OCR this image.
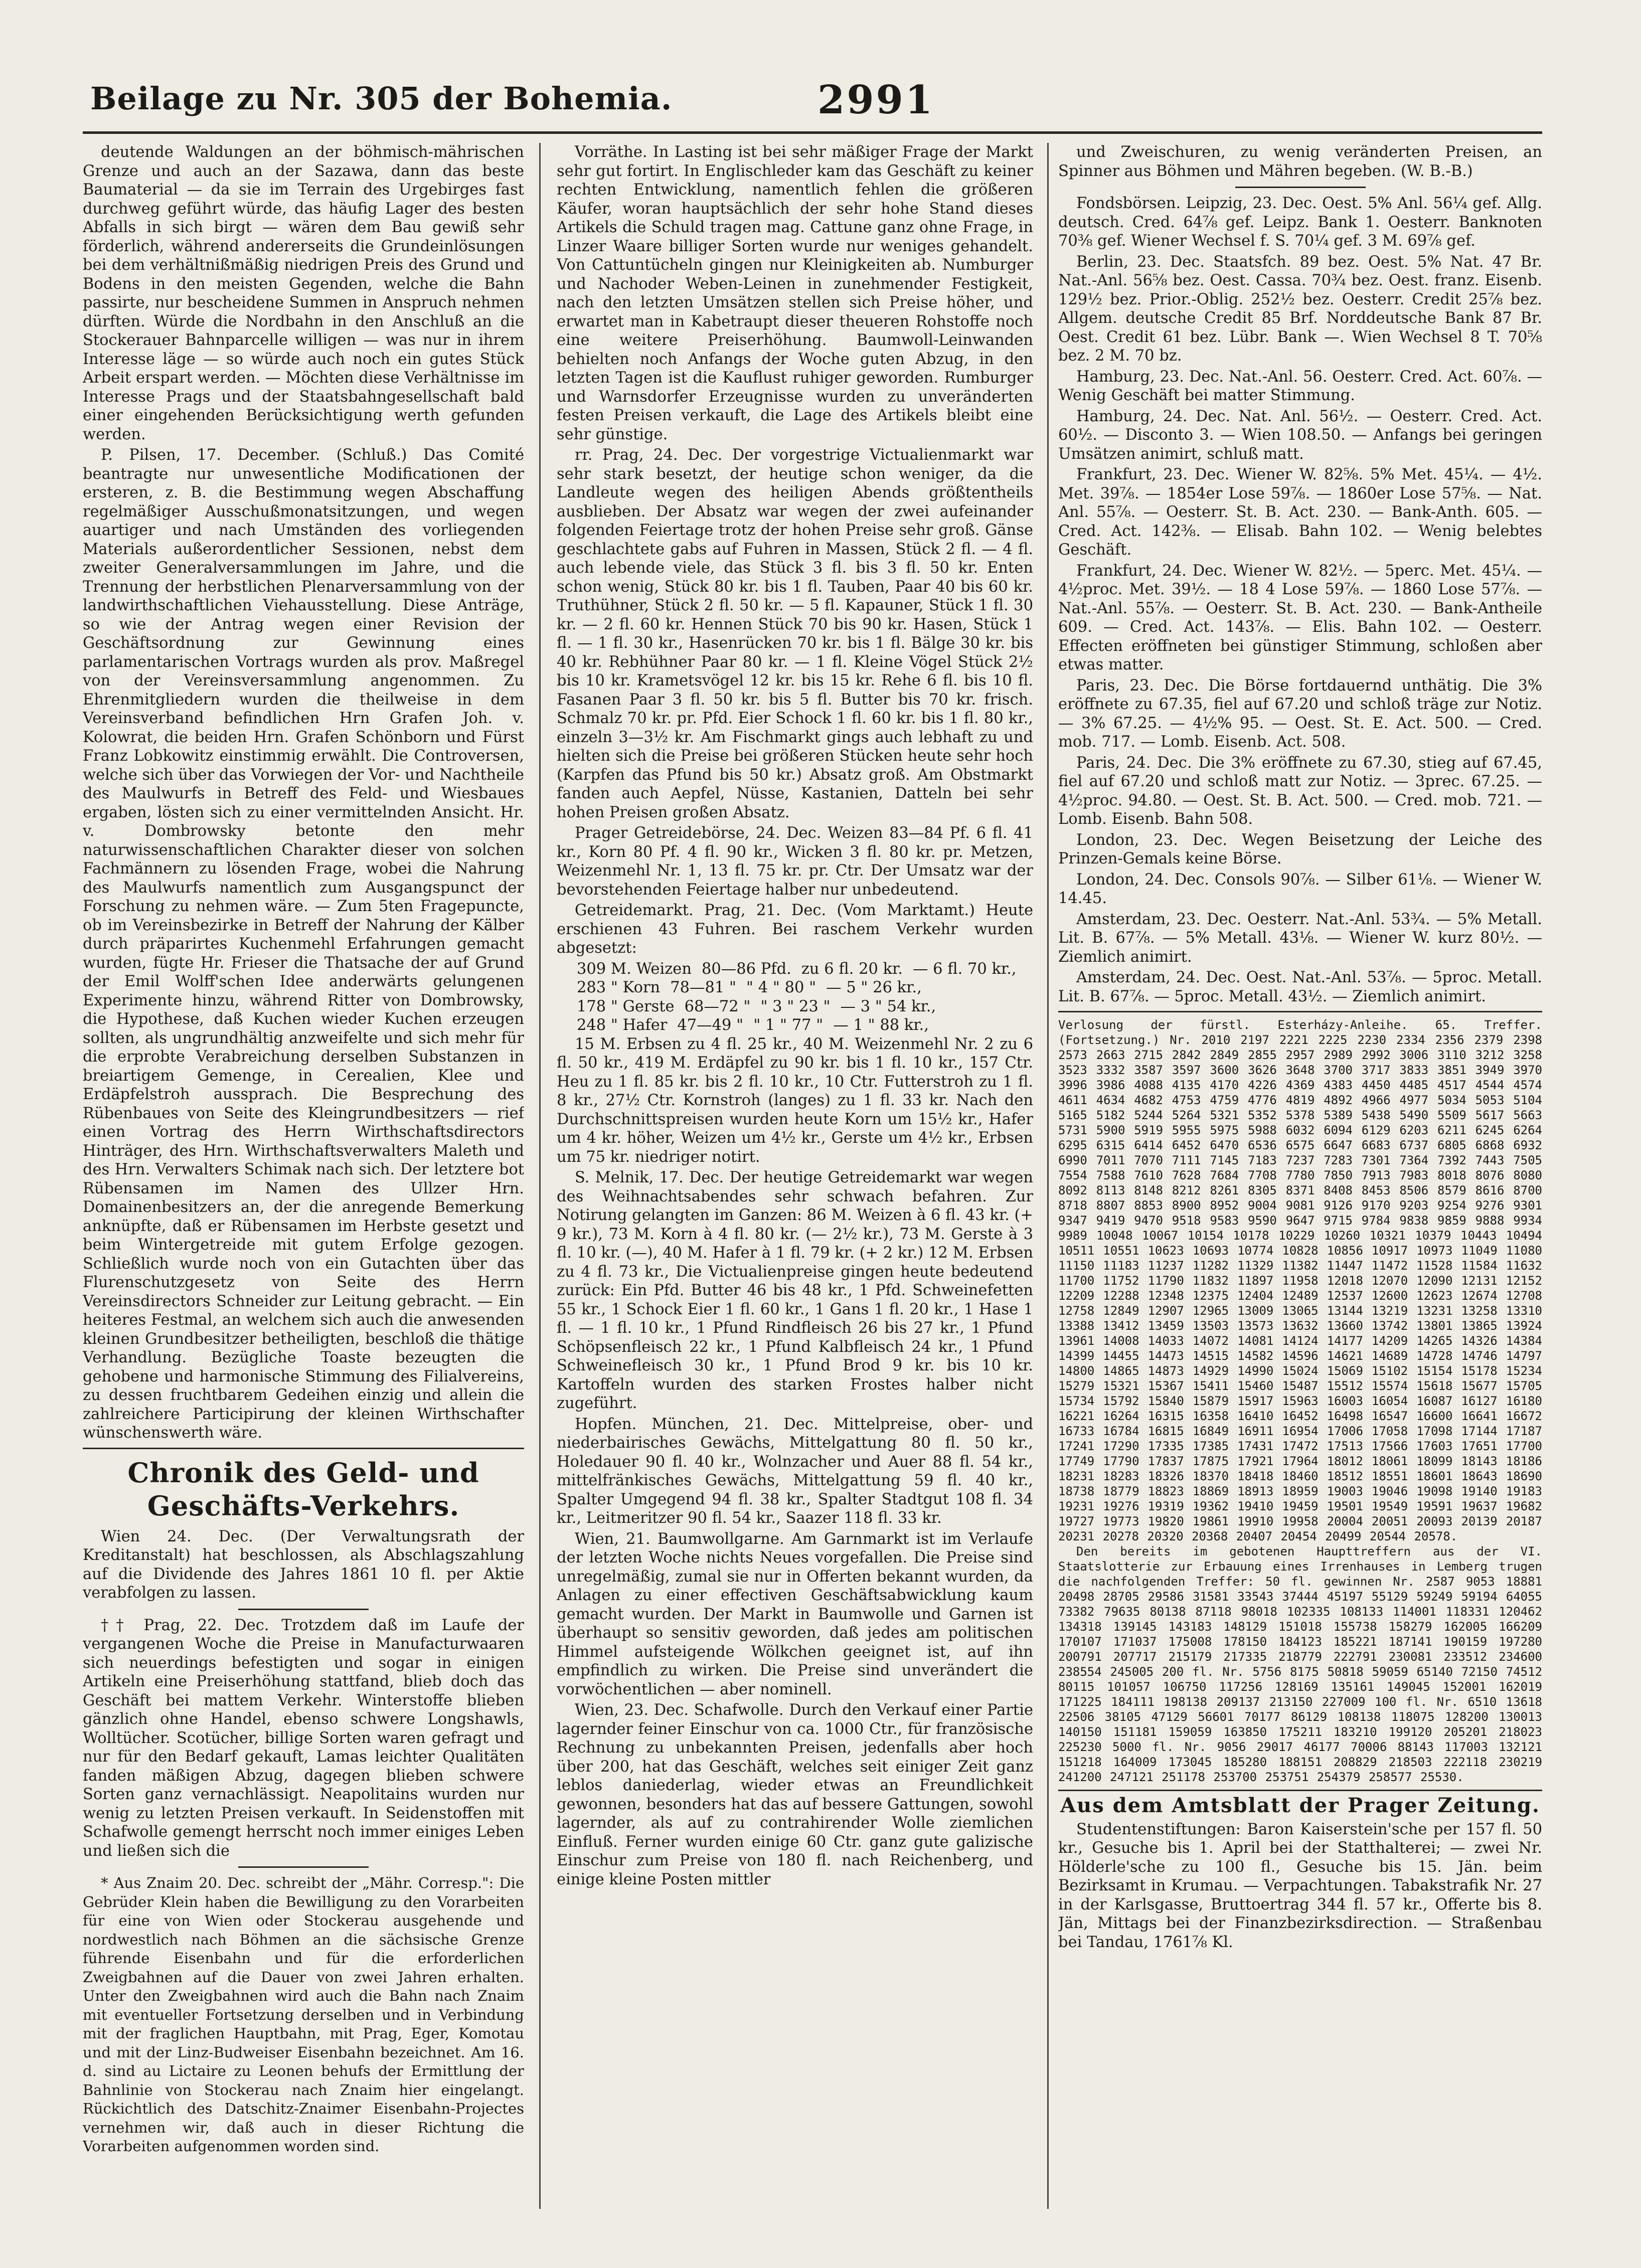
Beilage zu Nr. 305 der Bohemia.	2991

deutende Waldungen an der böhmisch-mährischen Grenze und auch an der Sazawa, dann das beste Baumaterial — da sie im Terrain des Urgebirges fast durchweg geführt würde, das häufig Lager des besten Abfalls in sich birgt — wären dem Bau gewiß sehr förderlich, während andererseits die Grundeinlösungen bei dem verhältnißmäßig niedrigen Preis des Grund und Bodens in den meisten Gegenden, welche die Bahn passirte, nur bescheidene Summen in Anspruch nehmen dürften. Würde die Nordbahn in den Anschluß an die Stockerauer Bahnparcelle willigen — was nur in ihrem Interesse läge — so würde auch noch ein gutes Stück Arbeit erspart werden. — Möchten diese Verhältnisse im Interesse Prags und der Staatsbahngesellschaft bald einer eingehenden Berücksichtigung werth gefunden werden.

P. Pilsen, 17. December. (Schluß.) Das Comité beantragte nur unwesentliche Modificationen der ersteren, z. B. die Bestimmung wegen Abschaffung regelmäßiger Ausschußmonatsitzungen, und wegen auartiger und nach Umständen des vorliegenden Materials außerordentlicher Sessionen, nebst dem zweiter Generalversammlungen im Jahre, und die Trennung der herbstlichen Plenarversammlung von der landwirthschaftlichen Viehausstellung. Diese Anträge, so wie der Antrag wegen einer Revision der Geschäftsordnung zur Gewinnung eines parlamentarischen Vortrags wurden als prov. Maßregel von der Vereinsversammlung angenommen. Zu Ehrenmitgliedern wurden die theilweise in dem Vereinsverband befindlichen Hrn Grafen Joh. v. Kolowrat, die beiden Hrn. Grafen Schönborn und Fürst Franz Lobkowitz einstimmig erwählt. Die Controversen, welche sich über das Vorwiegen der Vor- und Nachtheile des Maulwurfs in Betreff des Feld- und Wiesbaues ergaben, lösten sich zu einer vermittelnden Ansicht. Hr. v. Dombrowsky betonte den mehr naturwissenschaftlichen Charakter dieser von solchen Fachmännern zu lösenden Frage, wobei die Nahrung des Maulwurfs namentlich zum Ausgangspunct der Forschung zu nehmen wäre. — Zum 5ten Fragepuncte, ob im Vereinsbezirke in Betreff der Nahrung der Kälber durch präparirtes Kuchenmehl Erfahrungen gemacht wurden, fügte Hr. Frieser die Thatsache der auf Grund der Emil Wolff'schen Idee anderwärts gelungenen Experimente hinzu, während Ritter von Dombrowsky, die Hypothese, daß Kuchen wieder Kuchen erzeugen sollten, als ungrundhältig anzweifelte und sich mehr für die erprobte Verabreichung derselben Substanzen in breiartigem Gemenge, in Cerealien, Klee und Erdäpfelstroh aussprach. Die Besprechung des Rübenbaues von Seite des Kleingrundbesitzers — rief einen Vortrag des Herrn Wirthschaftsdirectors Hinträger, des Hrn. Wirthschaftsverwalters Maleth und des Hrn. Verwalters Schimak nach sich. Der letztere bot Rübensamen im Namen des Ullzer Hrn. Domainenbesitzers an, der die anregende Bemerkung anknüpfte, daß er Rübensamen im Herbste gesetzt und beim Wintergetreide mit gutem Erfolge gezogen. Schließlich wurde noch von ein Gutachten über das Flurenschutzgesetz von Seite des Herrn Vereinsdirectors Schneider zur Leitung gebracht. — Ein heiteres Festmal, an welchem sich auch die anwesenden kleinen Grundbesitzer betheiligten, beschloß die thätige Verhandlung. Bezügliche Toaste bezeugten die gehobene und harmonische Stimmung des Filialvereins, zu dessen fruchtbarem Gedeihen einzig und allein die zahlreichere Participirung der kleinen Wirthschafter wünschenswerth wäre.

Chronik des Geld- und Geschäfts-Verkehrs.

Wien 24. Dec. (Der Verwaltungsrath der Kreditanstalt) hat beschlossen, als Abschlagszahlung auf die Dividende des Jahres 1861 10 fl. per Aktie verabfolgen zu lassen.

†† Prag, 22. Dec. Trotzdem daß im Laufe der vergangenen Woche die Preise in Manufacturwaaren sich neuerdings befestigten und sogar in einigen Artikeln eine Preiserhöhung stattfand, blieb doch das Geschäft bei mattem Verkehr. Winterstoffe blieben gänzlich ohne Handel, ebenso schwere Longshawls, Wolltücher. Scotücher, billige Sorten waren gefragt und nur für den Bedarf gekauft, Lamas leichter Qualitäten fanden mäßigen Abzug, dagegen blieben schwere Sorten ganz vernachlässigt. Neapolitains wurden nur wenig zu letzten Preisen verkauft. In Seidenstoffen mit Schafwolle gemengt herrscht noch immer einiges Leben und ließen sich die

* Aus Znaim 20. Dec. schreibt der „Mähr. Corresp.": Die Gebrüder Klein haben die Bewilligung zu den Vorarbeiten für eine von Wien oder Stockerau ausgehende und nordwestlich nach Böhmen an die sächsische Grenze führende Eisenbahn und für die erforderlichen Zweigbahnen auf die Dauer von zwei Jahren erhalten. Unter den Zweigbahnen wird auch die Bahn nach Znaim mit eventueller Fortsetzung derselben und in Verbindung mit der fraglichen Hauptbahn, mit Prag, Eger, Komotau und mit der Linz-Budweiser Eisenbahn bezeichnet. Am 16. d. sind au Lictaire zu Leonen behufs der Ermittlung der Bahnlinie von Stockerau nach Znaim hier eingelangt. Rückichtlich des Datschitz-Znaimer Eisenbahn-Projectes vernehmen wir, daß auch in dieser Richtung die Vorarbeiten aufgenommen worden sind.

Vorräthe. In Lasting ist bei sehr mäßiger Frage der Markt sehr gut fortirt. In Englischleder kam das Geschäft zu keiner rechten Entwicklung, namentlich fehlen die größeren Käufer, woran hauptsächlich der sehr hohe Stand dieses Artikels die Schuld tragen mag. Cattune ganz ohne Frage, in Linzer Waare billiger Sorten wurde nur weniges gehandelt. Von Cattuntücheln gingen nur Kleinigkeiten ab. Numburger und Nachoder Weben-Leinen in zunehmender Festigkeit, nach den letzten Umsätzen stellen sich Preise höher, und erwartet man in Kabetraupt dieser theueren Rohstoffe noch eine weitere Preiserhöhung. Baumwoll-Leinwanden behielten noch Anfangs der Woche guten Abzug, in den letzten Tagen ist die Kauflust ruhiger geworden. Rumburger und Warnsdorfer Erzeugnisse wurden zu unveränderten festen Preisen verkauft, die Lage des Artikels bleibt eine sehr günstige.

rr. Prag, 24. Dec. Der vorgestrige Victualienmarkt war sehr stark besetzt, der heutige schon weniger, da die Landleute wegen des heiligen Abends größtentheils ausblieben. Der Absatz war wegen der zwei aufeinander folgenden Feiertage trotz der hohen Preise sehr groß. Gänse geschlachtete gabs auf Fuhren in Massen, Stück 2 fl. — 4 fl. auch lebende viele, das Stück 3 fl. bis 3 fl. 50 kr. Enten schon wenig, Stück 80 kr. bis 1 fl. Tauben, Paar 40 bis 60 kr. Truthühner, Stück 2 fl. 50 kr. — 5 fl. Kapauner, Stück 1 fl. 30 kr. — 2 fl. 60 kr. Hennen Stück 70 bis 90 kr. Hasen, Stück 1 fl. — 1 fl. 30 kr., Hasenrücken 70 kr. bis 1 fl. Bälge 30 kr. bis 40 kr. Rebhühner Paar 80 kr. — 1 fl. Kleine Vögel Stück 2½ bis 10 kr. Krametsvögel 12 kr. bis 15 kr. Rehe 6 fl. bis 10 fl. Fasanen Paar 3 fl. 50 kr. bis 5 fl. Butter bis 70 kr. frisch. Schmalz 70 kr. pr. Pfd. Eier Schock 1 fl. 60 kr. bis 1 fl. 80 kr., einzeln 3—3½ kr. Am Fischmarkt gings auch lebhaft zu und hielten sich die Preise bei größeren Stücken heute sehr hoch (Karpfen das Pfund bis 50 kr.) Absatz groß. Am Obstmarkt fanden auch Aepfel, Nüsse, Kastanien, Datteln bei sehr hohen Preisen großen Absatz.

Prager Getreidebörse, 24. Dec. Weizen 83—84 Pf. 6 fl. 41 kr., Korn 80 Pf. 4 fl. 90 kr., Wicken 3 fl. 80 kr. pr. Metzen, Weizenmehl Nr. 1, 13 fl. 75 kr. pr. Ctr. Der Umsatz war der bevorstehenden Feiertage halber nur unbedeutend.

Getreidemarkt. Prag, 21. Dec. (Vom Marktamt.) Heute erschienen 43 Fuhren. Bei raschem Verkehr wurden abgesetzt:

309 M. Weizen 80—86 Pfd. zu 6 fl. 20 kr. — 6 fl. 70 kr.,
283 " Korn 78—81 " " 4 " 80 " — 5 " 26 kr.,
178 " Gerste 68—72 " " 3 " 23 " — 3 " 54 kr.,
248 " Hafer 47—49 " " 1 " 77 " — 1 " 88 kr.,

15 M. Erbsen zu 4 fl. 25 kr., 40 M. Weizenmehl Nr. 2 zu 6 fl. 50 kr., 419 M. Erdäpfel zu 90 kr. bis 1 fl. 10 kr., 157 Ctr. Heu zu 1 fl. 85 kr. bis 2 fl. 10 kr., 10 Ctr. Futterstroh zu 1 fl. 8 kr., 27½ Ctr. Kornstroh (langes) zu 1 fl. 33 kr. Nach den Durchschnittspreisen wurden heute Korn um 15½ kr., Hafer um 4 kr. höher, Weizen um 4½ kr., Gerste um 4½ kr., Erbsen um 75 kr. niedriger notirt.

S. Melnik, 17. Dec. Der heutige Getreidemarkt war wegen des Weihnachtsabendes sehr schwach befahren. Zur Notirung gelangten im Ganzen: 86 M. Weizen à 6 fl. 43 kr. (+ 9 kr.), 73 M. Korn à 4 fl. 80 kr. (— 2½ kr.), 73 M. Gerste à 3 fl. 10 kr. (—), 40 M. Hafer à 1 fl. 79 kr. (+ 2 kr.) 12 M. Erbsen zu 4 fl. 73 kr., Die Victualienpreise gingen heute bedeutend zurück: Ein Pfd. Butter 46 bis 48 kr., 1 Pfd. Schweinefetten 55 kr., 1 Schock Eier 1 fl. 60 kr., 1 Gans 1 fl. 20 kr., 1 Hase 1 fl. — 1 fl. 10 kr., 1 Pfund Rindfleisch 26 bis 27 kr., 1 Pfund Schöpsenfleisch 22 kr., 1 Pfund Kalbfleisch 24 kr., 1 Pfund Schweinefleisch 30 kr., 1 Pfund Brod 9 kr. bis 10 kr. Kartoffeln wurden des starken Frostes halber nicht zugeführt.

Hopfen. München, 21. Dec. Mittelpreise, ober- und niederbairisches Gewächs, Mittelgattung 80 fl. 50 kr., Holedauer 90 fl. 40 kr., Wolnzacher und Auer 88 fl. 54 kr., mittelfränkisches Gewächs, Mittelgattung 59 fl. 40 kr., Spalter Umgegend 94 fl. 38 kr., Spalter Stadtgut 108 fl. 34 kr., Leitmeritzer 90 fl. 54 kr., Saazer 118 fl. 33 kr.

Wien, 21. Baumwollgarne. Am Garnmarkt ist im Verlaufe der letzten Woche nichts Neues vorgefallen. Die Preise sind unregelmäßig, zumal sie nur in Offerten bekannt wurden, da Anlagen zu einer effectiven Geschäftsabwicklung kaum gemacht wurden. Der Markt in Baumwolle und Garnen ist überhaupt so sensitiv geworden, daß jedes am politischen Himmel aufsteigende Wölkchen geeignet ist, auf ihn empfindlich zu wirken. Die Preise sind unverändert die vorwöchentlichen — aber nominell.

Wien, 23. Dec. Schafwolle. Durch den Verkauf einer Partie lagernder feiner Einschur von ca. 1000 Ctr., für französische Rechnung zu unbekannten Preisen, jedenfalls aber hoch über 200, hat das Geschäft, welches seit einiger Zeit ganz leblos daniederlag, wieder etwas an Freundlichkeit gewonnen, besonders hat das auf bessere Gattungen, sowohl lagernder, als auf zu contrahirender Wolle ziemlichen Einfluß. Ferner wurden einige 60 Ctr. ganz gute galizische Einschur zum Preise von 180 fl. nach Reichenberg, und einige kleine Posten mittler

und Zweischuren, zu wenig veränderten Preisen, an Spinner aus Böhmen und Mähren begeben. (W. B.-B.)

Fondsbörsen. Leipzig, 23. Dec. Oest. 5% Anl. 56¼ gef. Allg. deutsch. Cred. 64⅞ gef. Leipz. Bank 1. Oesterr. Banknoten 70⅜ gef. Wiener Wechsel f. S. 70¼ gef. 3 M. 69⅞ gef.

Berlin, 23. Dec. Staatsfch. 89 bez. Oest. 5% Nat. 47 Br. Nat.-Anl. 56⅝ bez. Oest. Cassa. 70¾ bez. Oest. franz. Eisenb. 129½ bez. Prior.-Oblig. 252½ bez. Oesterr. Credit 25⅞ bez. Allgem. deutsche Credit 85 Brf. Norddeutsche Bank 87 Br. Oest. Credit 61 bez. Lübr. Bank —. Wien Wechsel 8 T. 70⅝ bez. 2 M. 70 bz.

Hamburg, 23. Dec. Nat.-Anl. 56. Oesterr. Cred. Act. 60⅞. — Wenig Geschäft bei matter Stimmung.

Hamburg, 24. Dec. Nat. Anl. 56½. — Oesterr. Cred. Act. 60½. — Disconto 3. — Wien 108.50. — Anfangs bei geringen Umsätzen animirt, schluß matt.

Frankfurt, 23. Dec. Wiener W. 82⅝. 5% Met. 45¼. — 4½. Met. 39⅞. — 1854er Lose 59⅞. — 1860er Lose 57⅝. — Nat. Anl. 55⅞. — Oesterr. St. B. Act. 230. — Bank-Anth. 605. — Cred. Act. 142⅜. — Elisab. Bahn 102. — Wenig belebtes Geschäft.

Frankfurt, 24. Dec. Wiener W. 82½. — 5perc. Met. 45¼. — 4½proc. Met. 39½. — 18 4 Lose 59⅞. — 1860 Lose 57⅞. — Nat.-Anl. 55⅞. — Oesterr. St. B. Act. 230. — Bank-Antheile 609. — Cred. Act. 143⅞. — Elis. Bahn 102. — Oesterr. Effecten eröffneten bei günstiger Stimmung, schloßen aber etwas matter.

Paris, 23. Dec. Die Börse fortdauernd unthätig. Die 3% eröffnete zu 67.35, fiel auf 67.20 und schloß träge zur Notiz. — 3% 67.25. — 4½% 95. — Oest. St. E. Act. 500. — Cred. mob. 717. — Lomb. Eisenb. Act. 508.

Paris, 24. Dec. Die 3% eröffnete zu 67.30, stieg auf 67.45, fiel auf 67.20 und schloß matt zur Notiz. — 3prec. 67.25. — 4½proc. 94.80. — Oest. St. B. Act. 500. — Cred. mob. 721. — Lomb. Eisenb. Bahn 508.

London, 23. Dec. Wegen Beisetzung der Leiche des Prinzen-Gemals keine Börse.

London, 24. Dec. Consols 90⅞. — Silber 61⅛. — Wiener W. 14.45.

Amsterdam, 23. Dec. Oesterr. Nat.-Anl. 53¾. — 5% Metall. Lit. B. 67⅞. — 5% Metall. 43⅛. — Wiener W. kurz 80½. — Ziemlich animirt.

Amsterdam, 24. Dec. Oest. Nat.-Anl. 53⅞. — 5proc. Metall. Lit. B. 67⅞. — 5proc. Metall. 43½. — Ziemlich animirt.

Verlosung der fürstl. Esterházy-Anleihe. 65. Treffer. (Fortsetzung.) Nr. 2010 2197 2221 2225 2230 2334 2356 2379 2398 2573 2663 2715 2842 2849 2855 2957 2989 2992 3006 3110 3212 3258 3523 3332 3587 3597 3600 3626 3648 3700 3717 3833 3851 3949 3970 3996 3986 4088 4135 4170 4226 4369 4383 4450 4485 4517 4544 4574 4611 4634 4682 4753 4759 4776 4819 4892 4966 4977 5034 5053 5104 5165 5182 5244 5264 5321 5352 5378 5389 5438 5490 5509 5617 5663 5731 5900 5919 5955 5975 5988 6032 6094 6129 6203 6211 6245 6264 6295 6315 6414 6452 6470 6536 6575 6647 6683 6737 6805 6868 6932 6990 7011 7070 7111 7145 7183 7237 7283 7301 7364 7392 7443 7505 7554 7588 7610 7628 7684 7708 7780 7850 7913 7983 8018 8076 8080 8092 8113 8148 8212 8261 8305 8371 8408 8453 8506 8579 8616 8700 8718 8807 8853 8900 8952 9004 9081 9126 9170 9203 9254 9276 9301 9347 9419 9470 9518 9583 9590 9647 9715 9784 9838 9859 9888 9934 9989 10048 10067 10154 10178 10229 10260 10321 10379 10443 10494 10511 10551 10623 10693 10774 10828 10856 10917 10973 11049 11080 11150 11183 11237 11282 11329 11382 11447 11472 11528 11584 11632 11700 11752 11790 11832 11897 11958 12018 12070 12090 12131 12152 12209 12288 12348 12375 12404 12489 12537 12600 12623 12674 12708 12758 12849 12907 12965 13009 13065 13144 13219 13231 13258 13310 13388 13412 13459 13503 13573 13632 13660 13742 13801 13865 13924 13961 14008 14033 14072 14081 14124 14177 14209 14265 14326 14384 14399 14455 14473 14515 14582 14596 14621 14689 14728 14746 14797 14800 14865 14873 14929 14990 15024 15069 15102 15154 15178 15234 15279 15321 15367 15411 15460 15487 15512 15574 15618 15677 15705 15734 15792 15840 15879 15917 15963 16003 16054 16087 16127 16180 16221 16264 16315 16358 16410 16452 16498 16547 16600 16641 16672 16733 16784 16815 16849 16911 16954 17006 17058 17098 17144 17187 17241 17290 17335 17385 17431 17472 17513 17566 17603 17651 17700 17749 17790 17837 17875 17921 17964 18012 18061 18099 18143 18186 18231 18283 18326 18370 18418 18460 18512 18551 18601 18643 18690 18738 18779 18823 18869 18913 18959 19003 19046 19098 19140 19183 19231 19276 19319 19362 19410 19459 19501 19549 19591 19637 19682 19727 19773 19820 19861 19910 19958 20004 20051 20093 20139 20187 20231 20278 20320 20368 20407 20454 20499 20544 20578.

Den bereits im gebotenen Haupttreffern aus der VI. Staatslotterie zur Erbauung eines Irrenhauses in Lemberg trugen die nachfolgenden Treffer: 50 fl. gewinnen Nr. 2587 9053 18881 20498 28705 29586 31581 33543 37444 45197 55129 59249 59194 64055 73382 79635 80138 87118 98018 102335 108133 114001 118331 120462 134318 139145 143183 148129 151018 155738 158279 162005 166209 170107 171037 175008 178150 184123 185221 187141 190159 197280 200791 207717 215179 217335 218779 222791 230081 233512 234600 238554 245005 200 fl. Nr. 5756 8175 50818 59059 65140 72150 74512 80115 101057 106750 117256 128169 135161 149045 152001 162019 171225 184111 198138 209137 213150 227009 100 fl. Nr. 6510 13618 22506 38105 47129 56601 70177 86129 108138 118075 128200 130013 140150 151181 159059 163850 175211 183210 199120 205201 218023 225230 5000 fl. Nr. 9056 29017 46177 70006 88143 117003 132121 151218 164009 173045 185280 188151 208829 218503 222118 230219 241200 247121 251178 253700 253751 254379 258577 25530.

Aus dem Amtsblatt der Prager Zeitung.

Studentenstiftungen: Baron Kaiserstein'sche per 157 fl. 50 kr., Gesuche bis 1. April bei der Statthalterei; — zwei Nr. Hölderle'sche zu 100 fl., Gesuche bis 15. Jän. beim Bezirksamt in Krumau. — Verpachtungen. Tabakstrafik Nr. 27 in der Karlsgasse, Bruttoertrag 344 fl. 57 kr., Offerte bis 8. Jän, Mittags bei der Finanzbezirksdirection. — Straßenbau bei Tandau, 1761⅞ Kl.
